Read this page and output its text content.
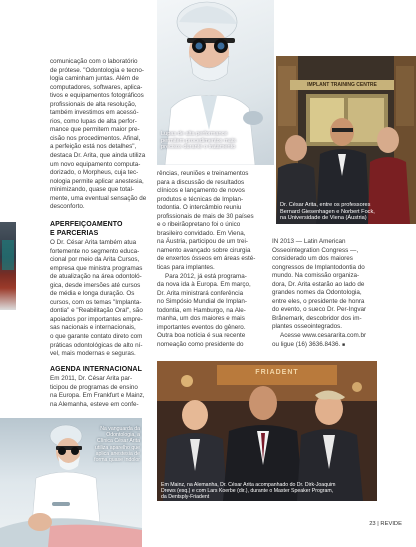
comunicação com o laboratório
de prótese. "Odontologia e tecno-
logia caminham juntas. Além de
computadores, softwares, aplica-
tivos e equipamentos fotográficos
profissionais de alta resolução,
também investimos em acessó-
rios, como lupas de alta perfor-
mance que permitem maior pre-
cisão nos procedimentos. Afinal,
a perfeição está nos detalhes",
destaca Dr. Arita, que ainda utiliza
um novo equipamento computa-
dorizado, o Morpheus, cuja tec-
nologia permite aplicar anestesia,
minimizando, quase que total-
mente, uma eventual sensação de
desconforto.
APERFEIÇOAMENTO
E PARCERIAS
O Dr. César Arita também atua
fortemente no segmento educa-
cional por meio da Arita Cursos,
empresa que ministra programas
de atualização na área odontoló-
gica, desde imersões até cursos
de média e longa duração. Os
cursos, com os temas "Implanta-
dontia" e "Reabilitação Oral", são
apoiados por importantes empre-
sas nacionais e internacionais,
o que garante contato direto com
práticas odontológicas de alto ní-
vel, mais modernas e seguras.
AGENDA INTERNACIONAL
Em 2011, Dr. César Arita par-
ticipou de programas de ensino
na Europa. Em Frankfurt e Mainz,
na Alemanha, esteve em confe-
Lupas de alta performance
permitem procedimentos mais
precisos durante o tratamento
IMPLANT TRAINING CENTRE
Dr. César Arita, entre os professores
Bernard Giesenhagen e Norbert Fock,
na Universidade de Viena (Áustria)
rências, reuniões e treinamentos
para a discussão de resultados
clínicos e lançamento de novos
produtos e técnicas de Implan-
todontia. O intercâmbio reuniu
profissionais de mais de 30 países
e o ribeirãopretano foi o único
brasileiro convidado. Em Viena,
na Áustria, participou de um trei-
namento avançado sobre cirurgia
de enxertos ósseos em áreas esté-
ticas para implantes.
Para 2012, já está programa-
da nova ida à Europa. Em março,
Dr. Arita ministrará conferência
no Simpósio Mundial de Implan-
todontia, em Hamburgo, na Ale-
manha, um dos maiores e mais
importantes eventos do gênero.
Outra boa notícia é sua recente
nomeação como presidente do
IN 2013 — Latin American
Osseointegration Congress —,
considerado um dos maiores
congressos de Implantodontia do
mundo. Na comissão organiza-
dora, Dr. Arita estarão ao lado de
grandes nomes da Odontologia,
entre eles, o presidente de honra
do evento, o sueco Dr. Per-Ingvar
Brånemark, descobridor dos im-
plantes osseointegrados.
Acesse www.cesararita.com.br
ou ligue (16) 3636.8436. ■
FRIADENT
Em Mainz, na Alemanha, Dr. César Arita acompanhado do Dr. Dirk-Joaquim
Drews (esq.) e com Lars Koerbe (dir.), durante o Master Speaker Program,
da Dentsply-Friadent
Na vanguarda da Odontologia, a Clínica César Arita utiliza aparelho que aplica anestesia de forma quase indolor
23 | REVIDE
